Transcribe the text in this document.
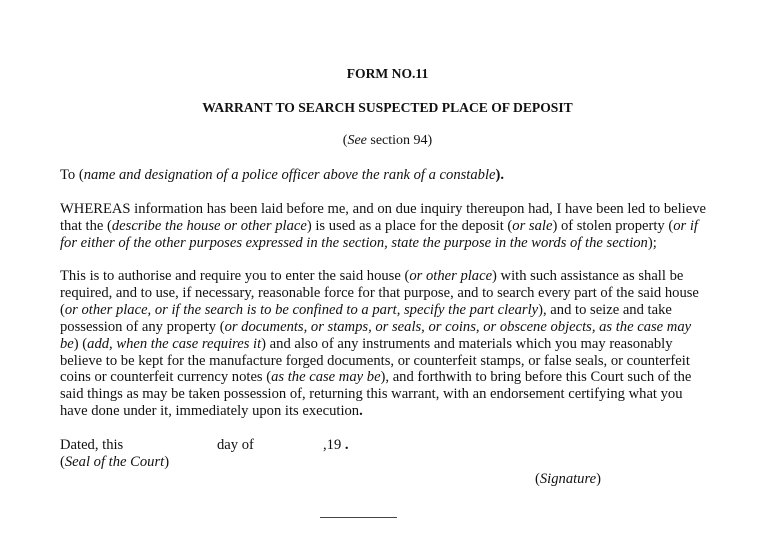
FORM NO.11
WARRANT TO SEARCH SUSPECTED PLACE OF DEPOSIT
(See section 94)
To (name and designation of a police officer above the rank of a constable).
WHEREAS information has been laid before me, and on due inquiry thereupon had, I have been led to believe
that the (describe the house or other place) is used as a place for the deposit (or sale) of stolen property (or if
for either of the other purposes expressed in the section, state the purpose in the words of the section);
This is to authorise and require you to enter the said house (or other place) with such assistance as shall be
required, and to use, if necessary, reasonable force for that purpose, and to search every part of the said house
(or other place, or if the search is to be confined to a part, specify the part clearly), and to seize and take
possession of any property (or documents, or stamps, or seals, or coins, or obscene objects, as the case may
be) (add, when the case requires it) and also of any instruments and materials which you may reasonably
believe to be kept for the manufacture forged documents, or counterfeit stamps, or false seals, or counterfeit
coins or counterfeit currency notes (as the case may be), and forthwith to bring before this Court such of the
said things as may be taken possession of, returning this warrant, with an endorsement certifying what you
have done under it, immediately upon its execution.
Dated, this	day of	,19 .
(Seal of the Court)
(Signature)
